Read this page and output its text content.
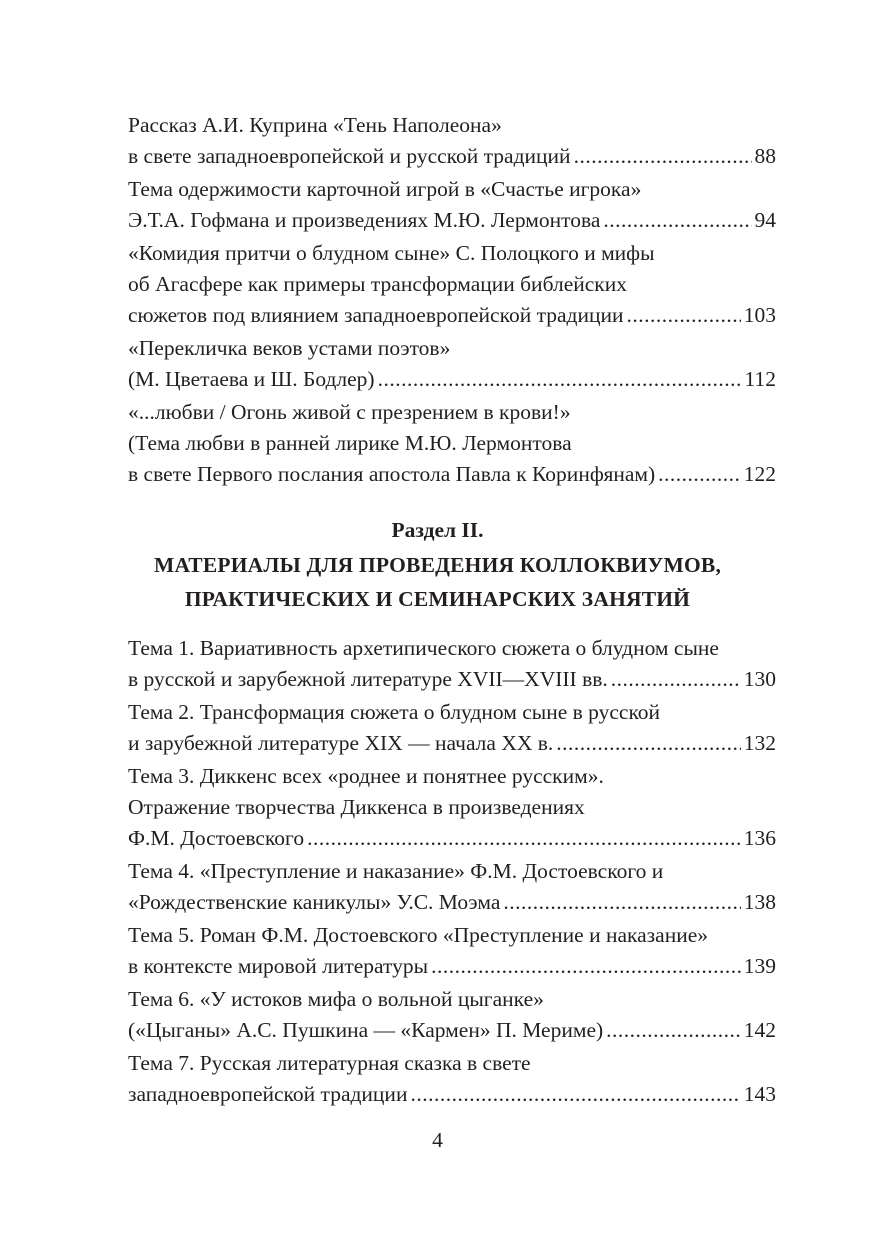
Рассказ А.И. Куприна «Тень Наполеона»
в свете западноевропейской и русской традиций .....	88
Тема одержимости карточной игрой в «Счастье игрока»
Э.Т.А. Гофмана и произведениях М.Ю. Лермонтова .....	94
«Комидия притчи о блудном сыне» С. Полоцкого и мифы
об Агасфере как примеры трансформации библейских
сюжетов под влиянием западноевропейской традиции .....	103
«Перекличка веков устами поэтов»
(М. Цветаева и Ш. Бодлер) .....	112
«...любви / Огонь живой с презрением в крови!»
(Тема любви в ранней лирике М.Ю. Лермонтова
в свете Первого послания апостола Павла к Коринфянам) .....	122
Раздел II.
МАТЕРИАЛЫ ДЛЯ ПРОВЕДЕНИЯ КОЛЛОКВИУМОВ,
ПРАКТИЧЕСКИХ И СЕМИНАРСКИХ ЗАНЯТИЙ
Тема 1. Вариативность архетипического сюжета о блудном сыне
в русской и зарубежной литературе XVII—XVIII вв. .....	130
Тема 2. Трансформация сюжета о блудном сыне в русской
и зарубежной литературе XIX — начала XX в. .....	132
Тема 3. Диккенс всех «роднее и понятнее русским».
Отражение творчества Диккенса в произведениях
Ф.М. Достоевского .....	136
Тема 4. «Преступление и наказание» Ф.М. Достоевского и
«Рождественские каникулы» У.С. Моэма .....	138
Тема 5. Роман Ф.М. Достоевского «Преступление и наказание»
в контексте мировой литературы .....	139
Тема 6. «У истоков мифа о вольной цыганке»
(«Цыганы» А.С. Пушкина — «Кармен» П. Мериме) .....	142
Тема 7. Русская литературная сказка в свете
западноевропейской традиции .....	143
4
